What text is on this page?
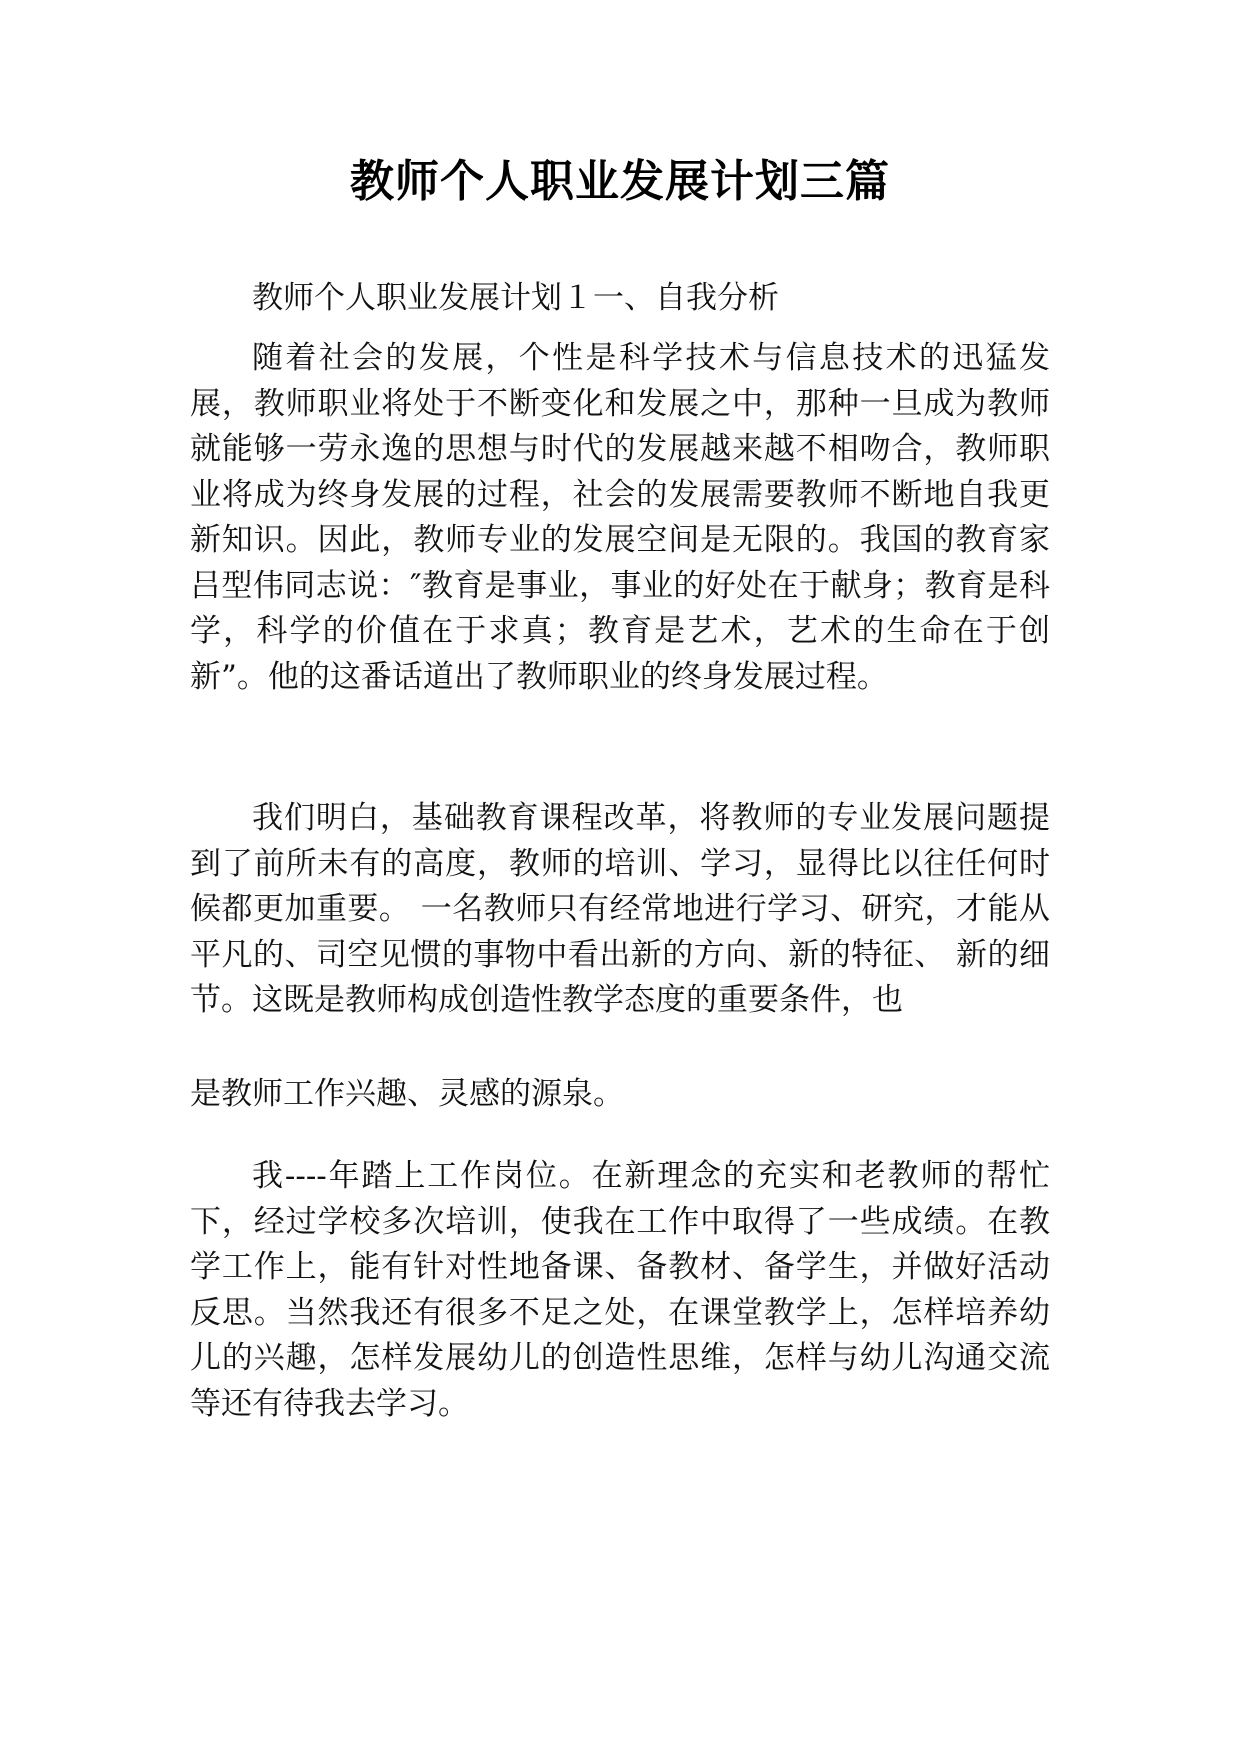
教师个人职业发展计划三篇

教师个人职业发展计划１一、自我分析

随着社会的发展，个性是科学技术与信息技术的迅猛发展，教师职业将处于不断变化和发展之中，那种一旦成为教师就能够一劳永逸的思想与时代的发展越来越不相吻合，教师职业将成为终身发展的过程，社会的发展需要教师不断地自我更新知识。因此，教师专业的发展空间是无限的。我国的教育家吕型伟同志说：″教育是事业，事业的好处在于献身；教育是科学，科学的价值在于求真；教育是艺术，艺术的生命在于创新”。他的这番话道出了教师职业的终身发展过程。

我们明白，基础教育课程改革，将教师的专业发展问题提到了前所未有的高度，教师的培训、学习，显得比以往任何时候都更加重要。 一名教师只有经常地进行学习、研究，才能从平凡的、司空见惯的事物中看出新的方向、新的特征、 新的细节。这既是教师构成创造性教学态度的重要条件，也

是教师工作兴趣、灵感的源泉。

我----年踏上工作岗位。在新理念的充实和老教师的帮忙下，经过学校多次培训，使我在工作中取得了一些成绩。在教学工作上，能有针对性地备课、备教材、备学生，并做好活动反思。当然我还有很多不足之处，在课堂教学上，怎样培养幼儿的兴趣，怎样发展幼儿的创造性思维，怎样与幼儿沟通交流等还有待我去学习。
